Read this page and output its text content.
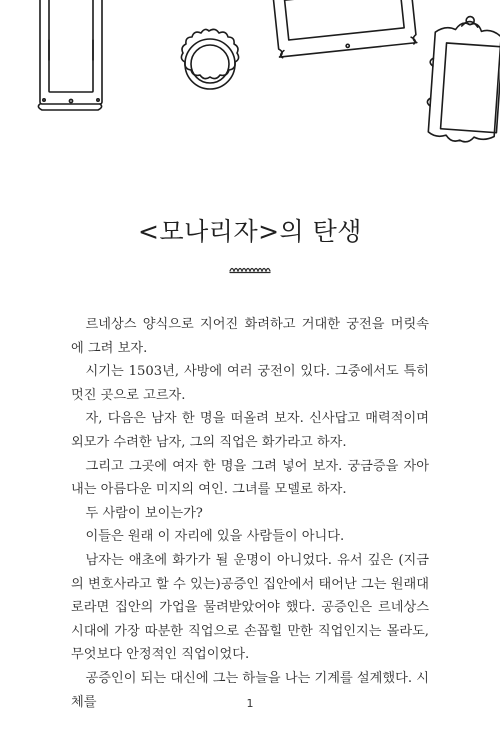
<모나리자>의 탄생

르네상스 양식으로 지어진 화려하고 거대한 궁전을 머릿속에 그려 보자.

시기는 1503년, 사방에 여러 궁전이 있다. 그중에서도 특히 멋진 곳으로 고르자.

자, 다음은 남자 한 명을 떠올려 보자. 신사답고 매력적이며 외모가 수려한 남자, 그의 직업은 화가라고 하자.

그리고 그곳에 여자 한 명을 그려 넣어 보자. 궁금증을 자아내는 아름다운 미지의 여인. 그녀를 모델로 하자.

두 사람이 보이는가?

이들은 원래 이 자리에 있을 사람들이 아니다.

남자는 애초에 화가가 될 운명이 아니었다. 유서 깊은 (지금의 변호사라고 할 수 있는)공증인 집안에서 태어난 그는 원래대로라면 집안의 가업을 물려받았어야 했다. 공증인은 르네상스 시대에 가장 따분한 직업으로 손꼽힐 만한 직업인지는 몰라도, 무엇보다 안정적인 직업이었다.

공증인이 되는 대신에 그는 하늘을 나는 기계를 설계했다. 시체를	1
